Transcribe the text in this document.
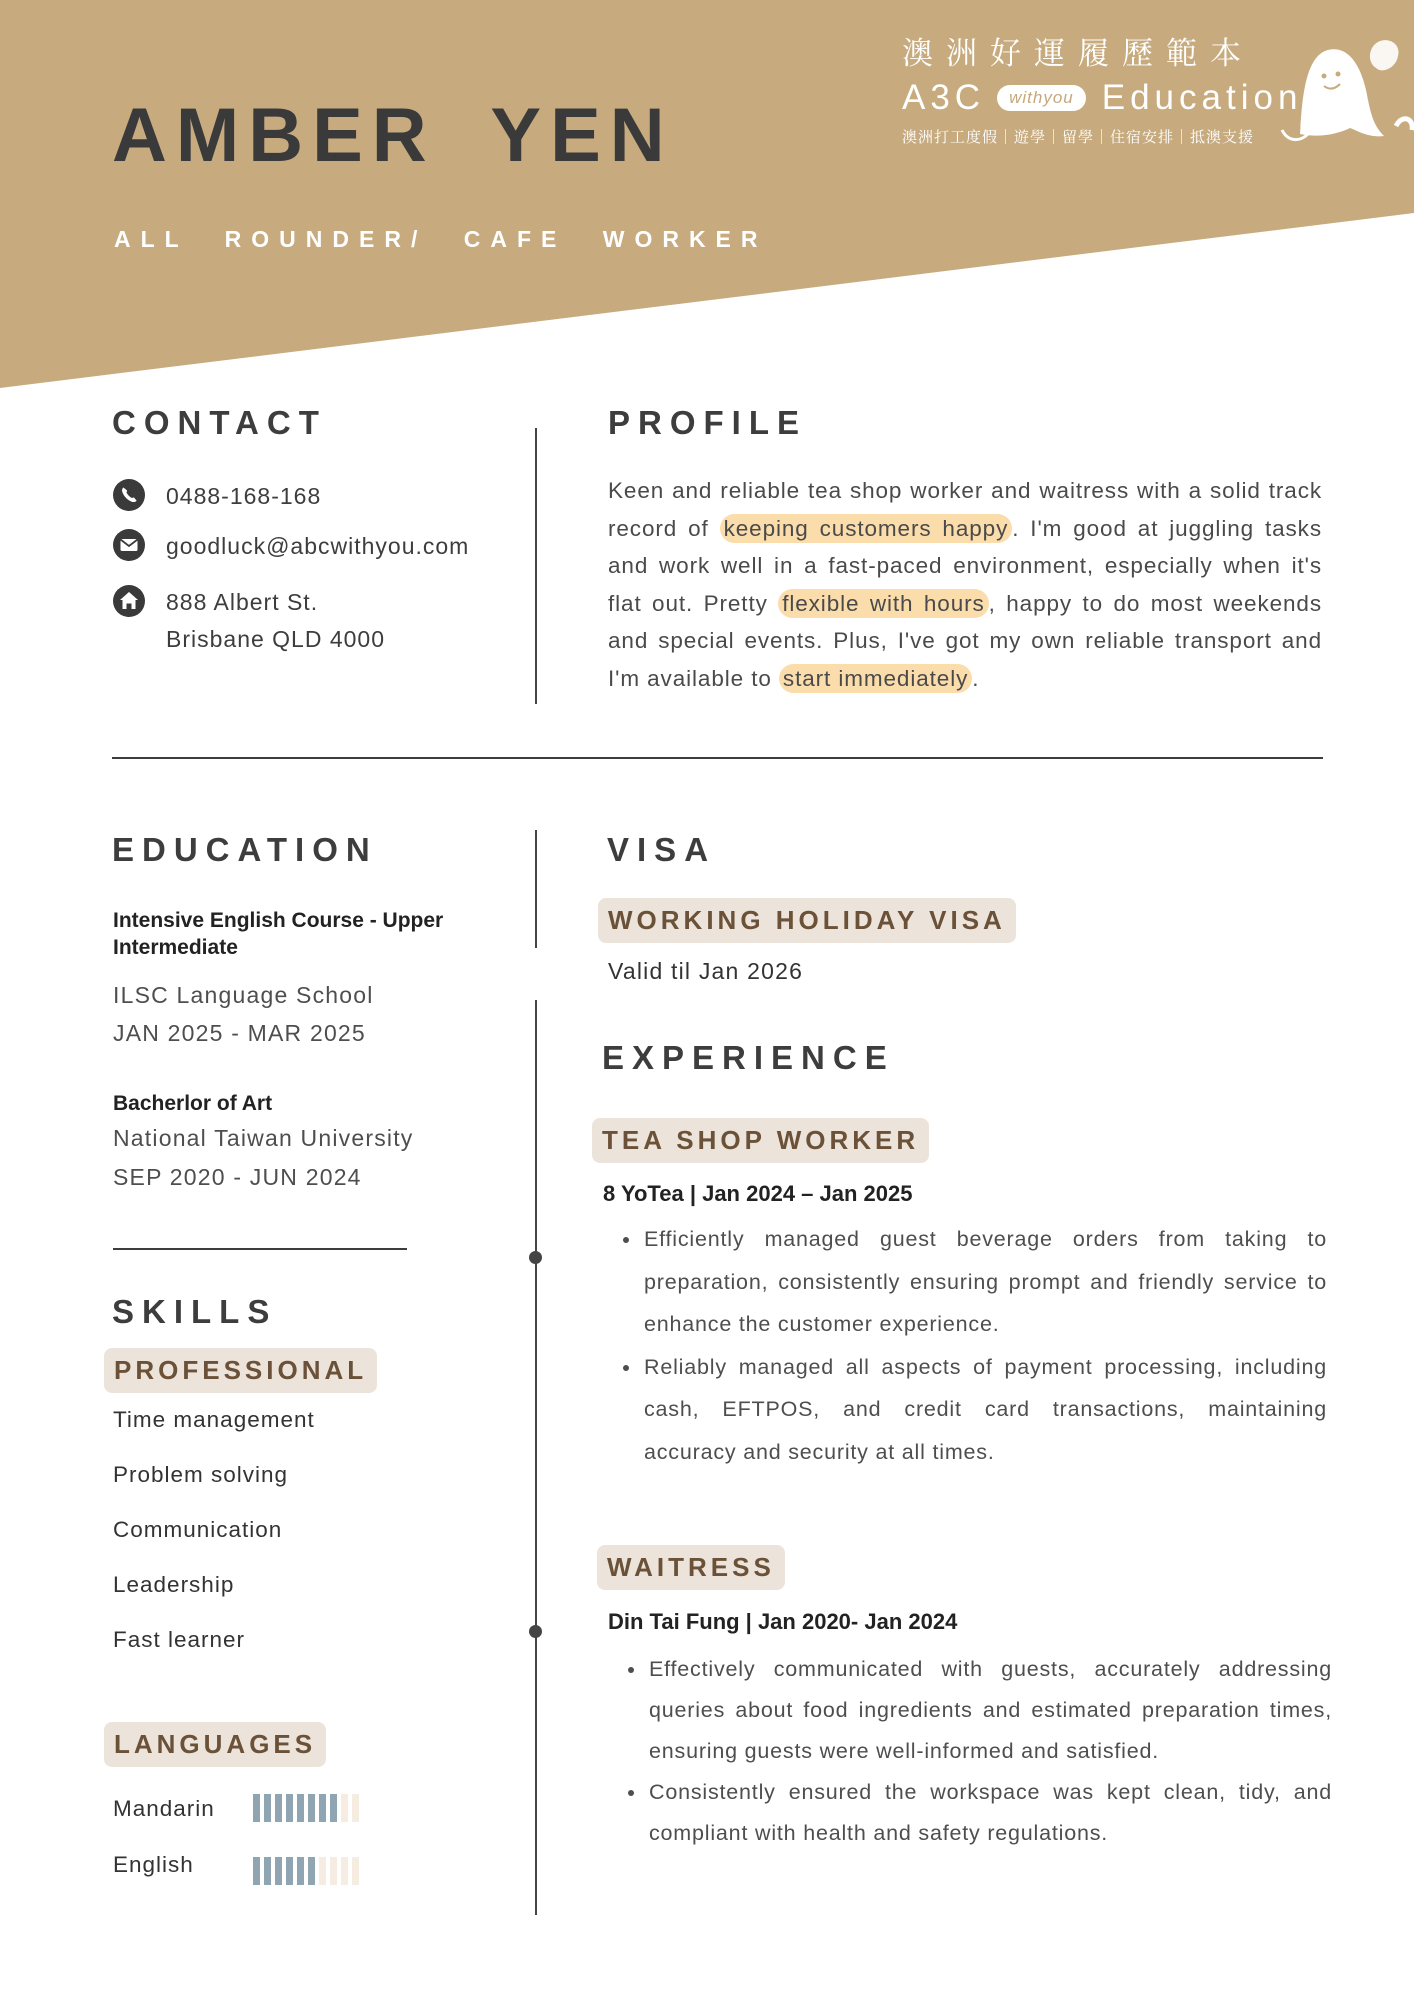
AMBER YEN
ALL ROUNDER/ CAFE WORKER
澳洲好運履歷範本
A3C	withyou Education
澳洲打工度假｜遊學｜留學｜住宿安排｜抵澳支援
CONTACT
0488-168-168
goodluck@abcwithyou.com
888 Albert St.
Brisbane QLD 4000
PROFILE
Keen and reliable tea shop worker and waitress with a solid track record of keeping customers happy . I'm good at juggling tasks and work well in a fast-paced environment, especially when it's flat out. Pretty flexible with hours , happy to do most weekends and special events. Plus, I've got my own reliable transport and I'm available to start immediately .
EDUCATION
Intensive English Course - Upper Intermediate
ILSC Language School
JAN 2025 - MAR 2025
Bacherlor of Art
National Taiwan University
SEP 2020 - JUN 2024
SKILLS
PROFESSIONAL
Time management
Problem solving
Communication
Leadership
Fast learner
LANGUAGES
Mandarin
English
VISA
WORKING HOLIDAY VISA
Valid til Jan 2026
EXPERIENCE
TEA SHOP WORKER
8 YoTea | Jan 2024 – Jan 2025
• Efficiently managed guest beverage orders from taking to preparation, consistently ensuring prompt and friendly service to enhance the customer experience.
• Reliably managed all aspects of payment processing, including cash, EFTPOS, and credit card transactions, maintaining accuracy and security at all times.
WAITRESS
Din Tai Fung | Jan 2020- Jan 2024
• Effectively communicated with guests, accurately addressing queries about food ingredients and estimated preparation times, ensuring guests were well-informed and satisfied.
• Consistently ensured the workspace was kept clean, tidy, and compliant with health and safety regulations.
